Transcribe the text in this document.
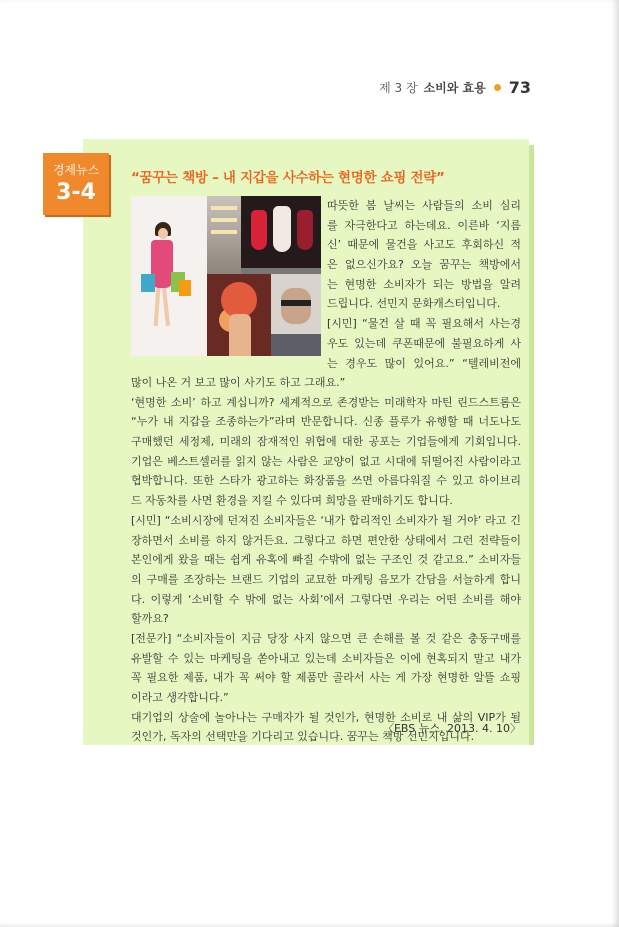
제 3 장 소비와 효용 73
경제뉴스
3-4
“꿈꾸는 책방 – 내 지갑을 사수하는 현명한 쇼핑 전략”
따뜻한 봄 날씨는 사람들의 소비 심리
를 자극한다고 하는데요. 이른바 ‘지름
신’ 때문에 물건을 사고도 후회하신 적
은 없으신가요? 오늘 꿈꾸는 책방에서
는 현명한 소비자가 되는 방법을 알려
드립니다. 선민지 문화캐스터입니다.
[시민] “물건 살 때 꼭 필요해서 사는경
우도 있는데 쿠폰때문에 불필요하게 사
는 경우도 많이 있어요.” “텔레비전에
많이 나온 거 보고 많이 사기도 하고 그래요.”
‘현명한 소비’ 하고 계십니까? 세계적으로 존경받는 미래학자 마틴 린드스트롬은
“누가 내 지갑을 조종하는가”라며 반문합니다. 신종 플루가 유행할 때 너도나도
구매했던 세정제, 미래의 잠재적인 위협에 대한 공포는 기업들에게 기회입니다.
기업은 베스트셀러를 읽지 않는 사람은 교양이 없고 시대에 뒤떨어진 사람이라고
협박합니다. 또한 스타가 광고하는 화장품을 쓰면 아름다워질 수 있고 하이브리
드 자동차를 사면 환경을 지킬 수 있다며 희망을 판매하기도 합니다.
[시민] “소비시장에 던져진 소비자들은 ‘내가 합리적인 소비자가 될 거야’ 라고 긴
장하면서 소비를 하지 않거든요. 그렇다고 하면 편안한 상태에서 그런 전략들이
본인에게 왔을 때는 쉽게 유혹에 빠질 수밖에 없는 구조인 것 같고요.” 소비자들
의 구매를 조장하는 브랜드 기업의 교묘한 마케팅 음모가 간담을 서늘하게 합니
다. 이렇게 ‘소비할 수 밖에 없는 사회’에서 그렇다면 우리는 어떤 소비를 해야
할까요?
[전문가] “소비자들이 지금 당장 사지 않으면 큰 손해를 볼 것 같은 충동구매를
유발할 수 있는 마케팅을 쏟아내고 있는데 소비자들은 이에 현혹되지 말고 내가
꼭 필요한 제품, 내가 꼭 써야 할 제품만 골라서 사는 게 가장 현명한 알뜰 쇼핑
이라고 생각합니다.”
대기업의 상술에 놀아나는 구매자가 될 것인가, 현명한 소비로 내 삶의 VIP가 될
것인가, 독자의 선택만을 기다리고 있습니다. 꿈꾸는 책방 선민지입니다.
〈EBS 뉴스, 2013. 4. 10〉
